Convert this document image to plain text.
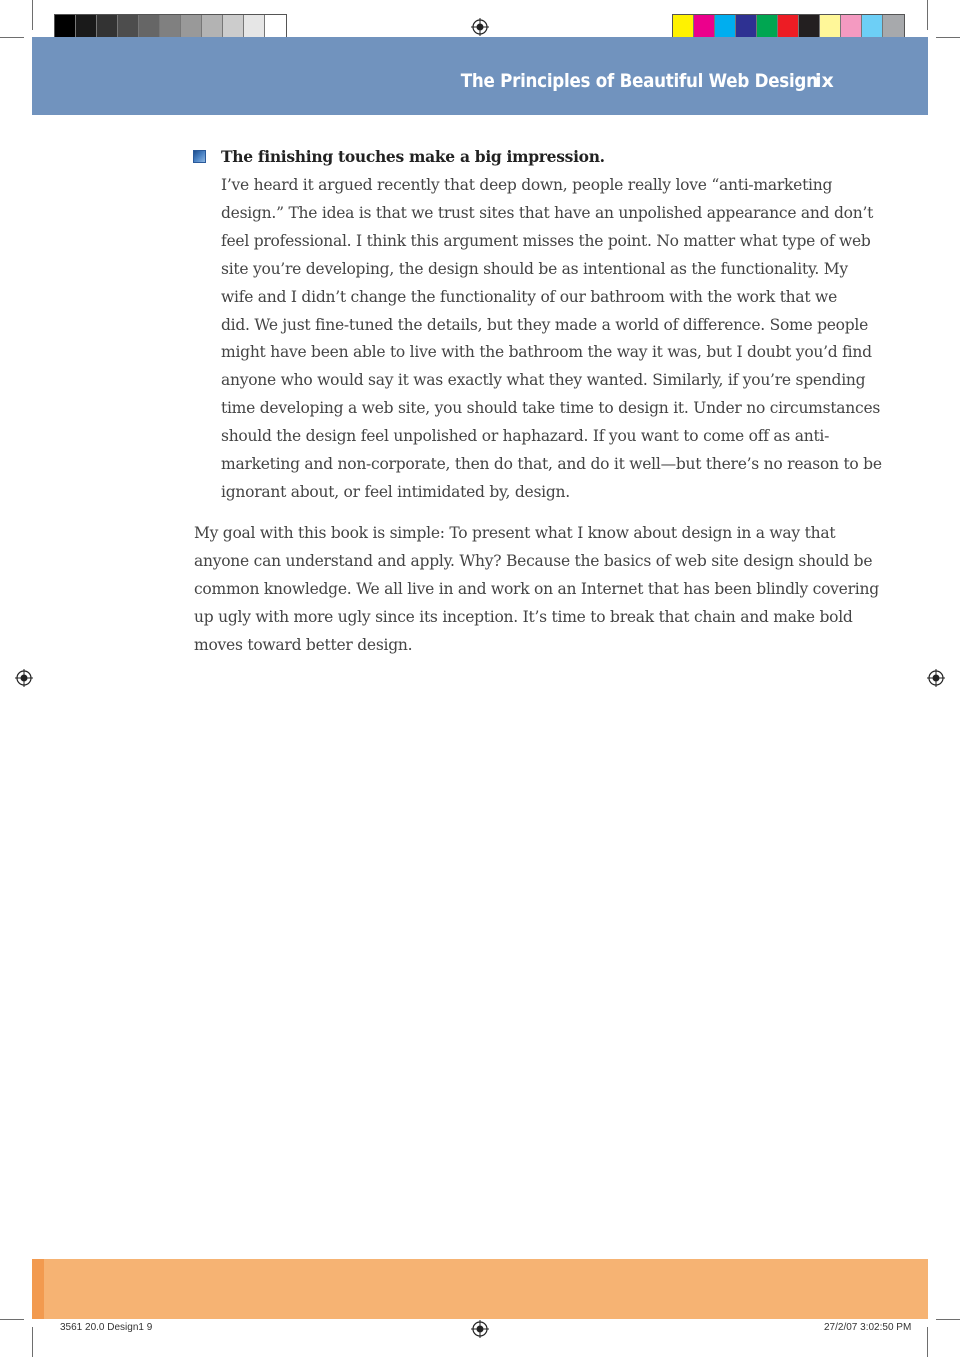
The Principles of Beautiful Web Design
ix
The finishing touches make a big impression.
I’ve heard it argued recently that deep down, people really love “anti-marketing
design.” The idea is that we trust sites that have an unpolished appearance and don’t
feel professional. I think this argument misses the point. No matter what type of web
site you’re developing, the design should be as intentional as the functionality. My
wife and I didn’t change the functionality of our bathroom with the work that we
did. We just fine-tuned the details, but they made a world of difference. Some people
might have been able to live with the bathroom the way it was, but I doubt you’d find
anyone who would say it was exactly what they wanted. Similarly, if you’re spending
time developing a web site, you should take time to design it. Under no circumstances
should the design feel unpolished or haphazard. If you want to come off as anti-
marketing and non-corporate, then do that, and do it well—but there’s no reason to be
ignorant about, or feel intimidated by, design.
My goal with this book is simple: To present what I know about design in a way that
anyone can understand and apply. Why? Because the basics of web site design should be
common knowledge. We all live in and work on an Internet that has been blindly covering
up ugly with more ugly since its inception. It’s time to break that chain and make bold
moves toward better design.
3561 20.0 Design1 9	27/2/07 3:02:50 PM
